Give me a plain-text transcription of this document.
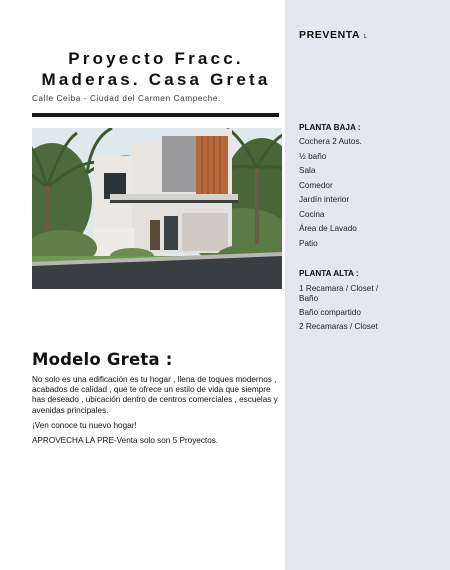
Proyecto Fracc.
Maderas. Casa Greta
Calle Ceiba - Ciudad del Carmen Campeche.
Modelo Greta :

No solo es una edificación es tu hogar , llena de toques modernos , acabados de calidad , que te ofrece un estilo de vida que siempre has deseado , ubicación dentro de centros comerciales , escuelas y avenidas principales.

¡Ven conoce tu nuevo hogar!

APROVECHA LA PRE-Venta solo son 5 Proyectos.

PREVENTA 1.
PLANTA BAJA :
Cochera 2 Autos.
½ baño
Sala
Comedor
Jardín interior
Cocina
Área de Lavado
Patio
PLANTA ALTA :
1 Recamara / Closet / Baño
Baño compartido
2 Recamaras / Closet
